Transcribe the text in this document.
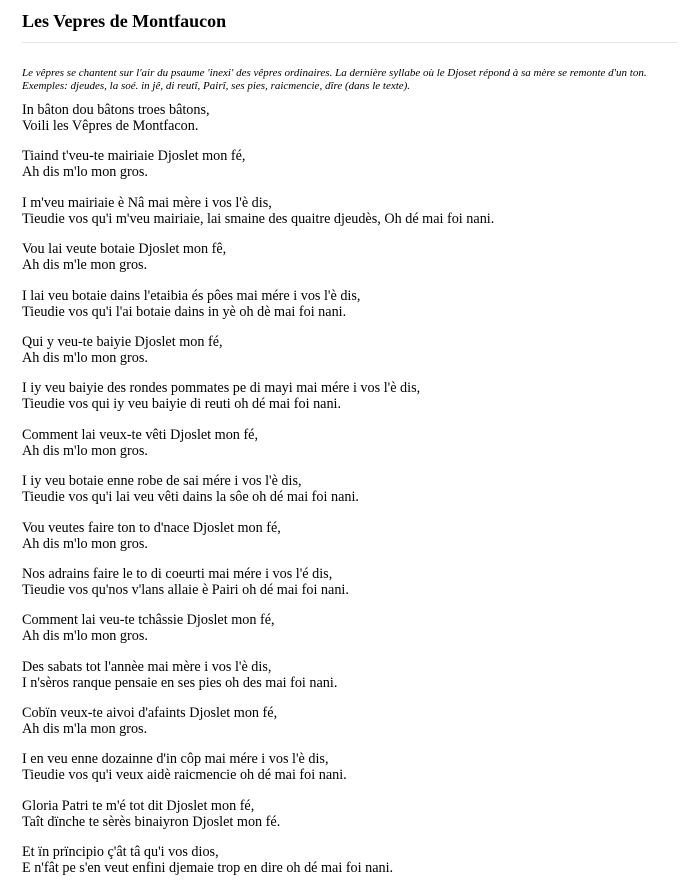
Les Vepres de Montfaucon

Le vêpres se chantent sur l'air du psaume 'inexi' des vêpres ordinaires. La dernière syllabe où le Djoset répond à sa mère se remonte d'un ton. Exemples: djeudes, la soé. in jê, di reutî, Pairî, ses pies, raicmencie, dîre (dans le texte).

In bâton dou bâtons troes bâtons,
Voili les Vêpres de Montfacon.

Tiaind t'veu-te mairiaie Djoslet mon fé,
Ah dis m'lo mon gros.

I m'veu mairiaie è Nâ mai mère i vos l'è dis,
Tieudie vos qu'i m'veu mairiaie, lai smaine des quaitre djeudès, Oh dé mai foi nani.

Vou lai veute botaie Djoslet mon fê,
Ah dis m'le mon gros.

I lai veu botaie dains l'etaibia és pôes mai mére i vos l'è dis,
Tieudie vos qu'i l'ai botaie dains in yè oh dè mai foi nani.

Qui y veu-te baiyie Djoslet mon fé,
Ah dis m'lo mon gros.

I iy veu baiyie des rondes pommates pe di mayi mai mére i vos l'è dis,
Tieudie vos qui iy veu baiyie di reuti oh dé mai foi nani.

Comment lai veux-te vêti Djoslet mon fé,
Ah dis m'lo mon gros.

I iy veu botaie enne robe de sai mére i vos l'è dis,
Tieudie vos qu'i lai veu vêti dains la sôe oh dé mai foi nani.

Vou veutes faire ton to d'nace Djoslet mon fé,
Ah dis m'lo mon gros.

Nos adrains faire le to di coeurti mai mére i vos l'é dis,
Tieudie vos qu'nos v'lans allaie è Pairi oh dé mai foi nani.

Comment lai veu-te tchâssie Djoslet mon fé,
Ah dis m'lo mon gros.

Des sabats tot l'annèe mai mère i vos l'è dis,
I n'sèros ranque pensaie en ses pies oh des mai foi nani.

Cobïn veux-te aivoi d'afaints Djoslet mon fé,
Ah dis m'la mon gros.

I en veu enne dozainne d'in côp mai mére i vos l'è dis,
Tieudie vos qu'i veux aidè raicmencie oh dé mai foi nani.

Gloria Patri te m'é tot dit Djoslet mon fé,
Taît dïnche te sèrès binaiyron Djoslet mon fé.

Et ïn prïncipio ç'ât tâ qu'i vos dios,
E n'fât pe s'en veut enfini djemaie trop en dire oh dé mai foi nani.
